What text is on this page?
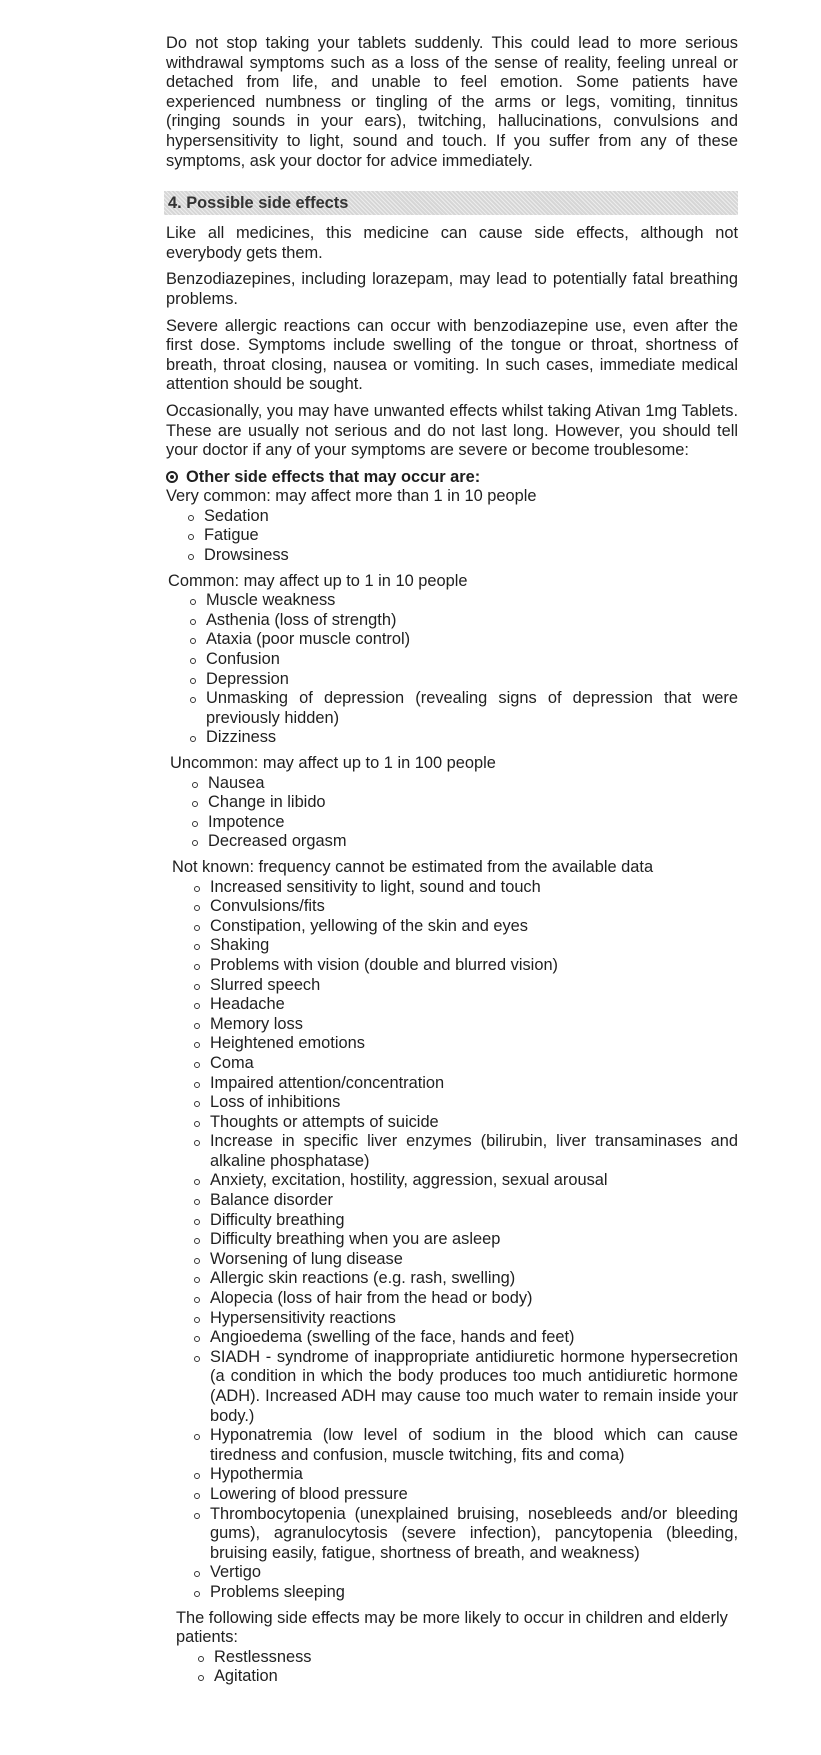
Do not stop taking your tablets suddenly. This could lead to more serious withdrawal symptoms such as a loss of the sense of reality, feeling unreal or detached from life, and unable to feel emotion. Some patients have experienced numbness or tingling of the arms or legs, vomiting, tinnitus (ringing sounds in your ears), twitching, hallucinations, convulsions and hypersensitivity to light, sound and touch. If you suffer from any of these symptoms, ask your doctor for advice immediately.

4. Possible side effects

Like all medicines, this medicine can cause side effects, although not everybody gets them.

Benzodiazepines, including lorazepam, may lead to potentially fatal breathing problems.

Severe allergic reactions can occur with benzodiazepine use, even after the first dose. Symptoms include swelling of the tongue or throat, shortness of breath, throat closing, nausea or vomiting. In such cases, immediate medical attention should be sought.

Occasionally, you may have unwanted effects whilst taking Ativan 1mg Tablets. These are usually not serious and do not last long. However, you should tell your doctor if any of your symptoms are severe or become troublesome:

Other side effects that may occur are:
Very common: may affect more than 1 in 10 people
Sedation
Fatigue
Drowsiness
Common: may affect up to 1 in 10 people
Muscle weakness
Asthenia (loss of strength)
Ataxia (poor muscle control)
Confusion
Depression
Unmasking of depression (revealing signs of depression that were previously hidden)
Dizziness
Uncommon: may affect up to 1 in 100 people
Nausea
Change in libido
Impotence
Decreased orgasm
Not known: frequency cannot be estimated from the available data
Increased sensitivity to light, sound and touch
Convulsions/fits
Constipation, yellowing of the skin and eyes
Shaking
Problems with vision (double and blurred vision)
Slurred speech
Headache
Memory loss
Heightened emotions
Coma
Impaired attention/concentration
Loss of inhibitions
Thoughts or attempts of suicide
Increase in specific liver enzymes (bilirubin, liver transaminases and alkaline phosphatase)
Anxiety, excitation, hostility, aggression, sexual arousal
Balance disorder
Difficulty breathing
Difficulty breathing when you are asleep
Worsening of lung disease
Allergic skin reactions (e.g. rash, swelling)
Alopecia (loss of hair from the head or body)
Hypersensitivity reactions
Angioedema (swelling of the face, hands and feet)
SIADH - syndrome of inappropriate antidiuretic hormone hypersecretion (a condition in which the body produces too much antidiuretic hormone (ADH). Increased ADH may cause too much water to remain inside your body.)
Hyponatremia (low level of sodium in the blood which can cause tiredness and confusion, muscle twitching, fits and coma)
Hypothermia
Lowering of blood pressure
Thrombocytopenia (unexplained bruising, nosebleeds and/or bleeding gums), agranulocytosis (severe infection), pancytopenia (bleeding, bruising easily, fatigue, shortness of breath, and weakness)
Vertigo
Problems sleeping
The following side effects may be more likely to occur in children and elderly patients:
Restlessness
Agitation
